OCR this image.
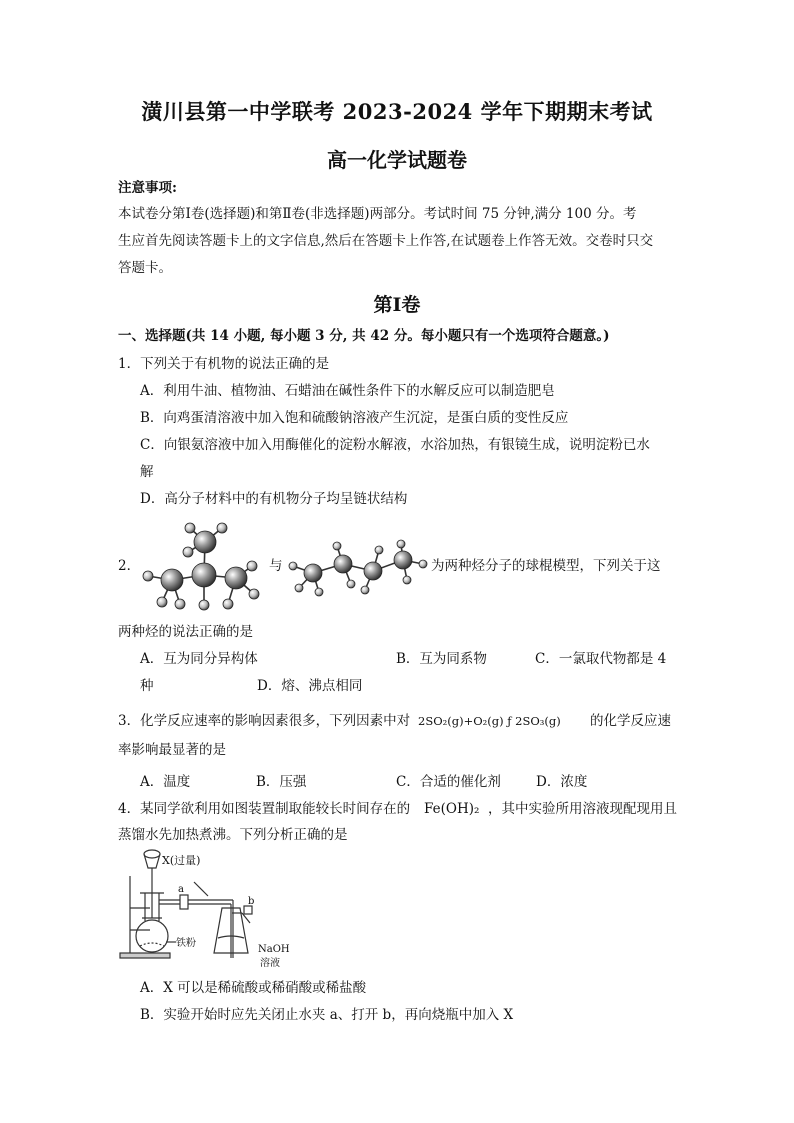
潢川县第一中学联考 2023-2024 学年下期期末考试
高一化学试题卷
注意事项:
本试卷分第Ⅰ卷(选择题)和第Ⅱ卷(非选择题)两部分。考试时间 75 分钟,满分 100 分。考
生应首先阅读答题卡上的文字信息,然后在答题卡上作答,在试题卷上作答无效。交卷时只交
答题卡。
第Ⅰ卷
一、选择题(共 14 小题, 每小题 3 分, 共 42 分。每小题只有一个选项符合题意。)
1．下列关于有机物的说法正确的是
A．利用牛油、植物油、石蜡油在碱性条件下的水解反应可以制造肥皂
B．向鸡蛋清溶液中加入饱和硫酸钠溶液产生沉淀，是蛋白质的变性反应
C．向银氨溶液中加入用酶催化的淀粉水解液，水浴加热，有银镜生成，说明淀粉已水
解
D．高分子材料中的有机物分子均呈链状结构
2．	与	为两种烃分子的球棍模型，下列关于这
两种烃的说法正确的是
A．互为同分异构体	B．互为同系物	C．一氯取代物都是 4
种	D．熔、沸点相同
3．化学反应速率的影响因素很多，下列因素中对 2SO₂(g)+O₂(g) ƒ 2SO₃(g) 的化学反应速
率影响最显著的是
A．温度	B．压强	C．合适的催化剂	D．浓度
4．某同学欲利用如图装置制取能较长时间存在的 Fe(OH)₂ ，其中实验所用溶液现配现用且
蒸馏水先加热煮沸。下列分析正确的是
X(过量)
a
b
铁粉
NaOH
溶液
A．X 可以是稀硫酸或稀硝酸或稀盐酸
B．实验开始时应先关闭止水夹 a、打开 b，再向烧瓶中加入 X
